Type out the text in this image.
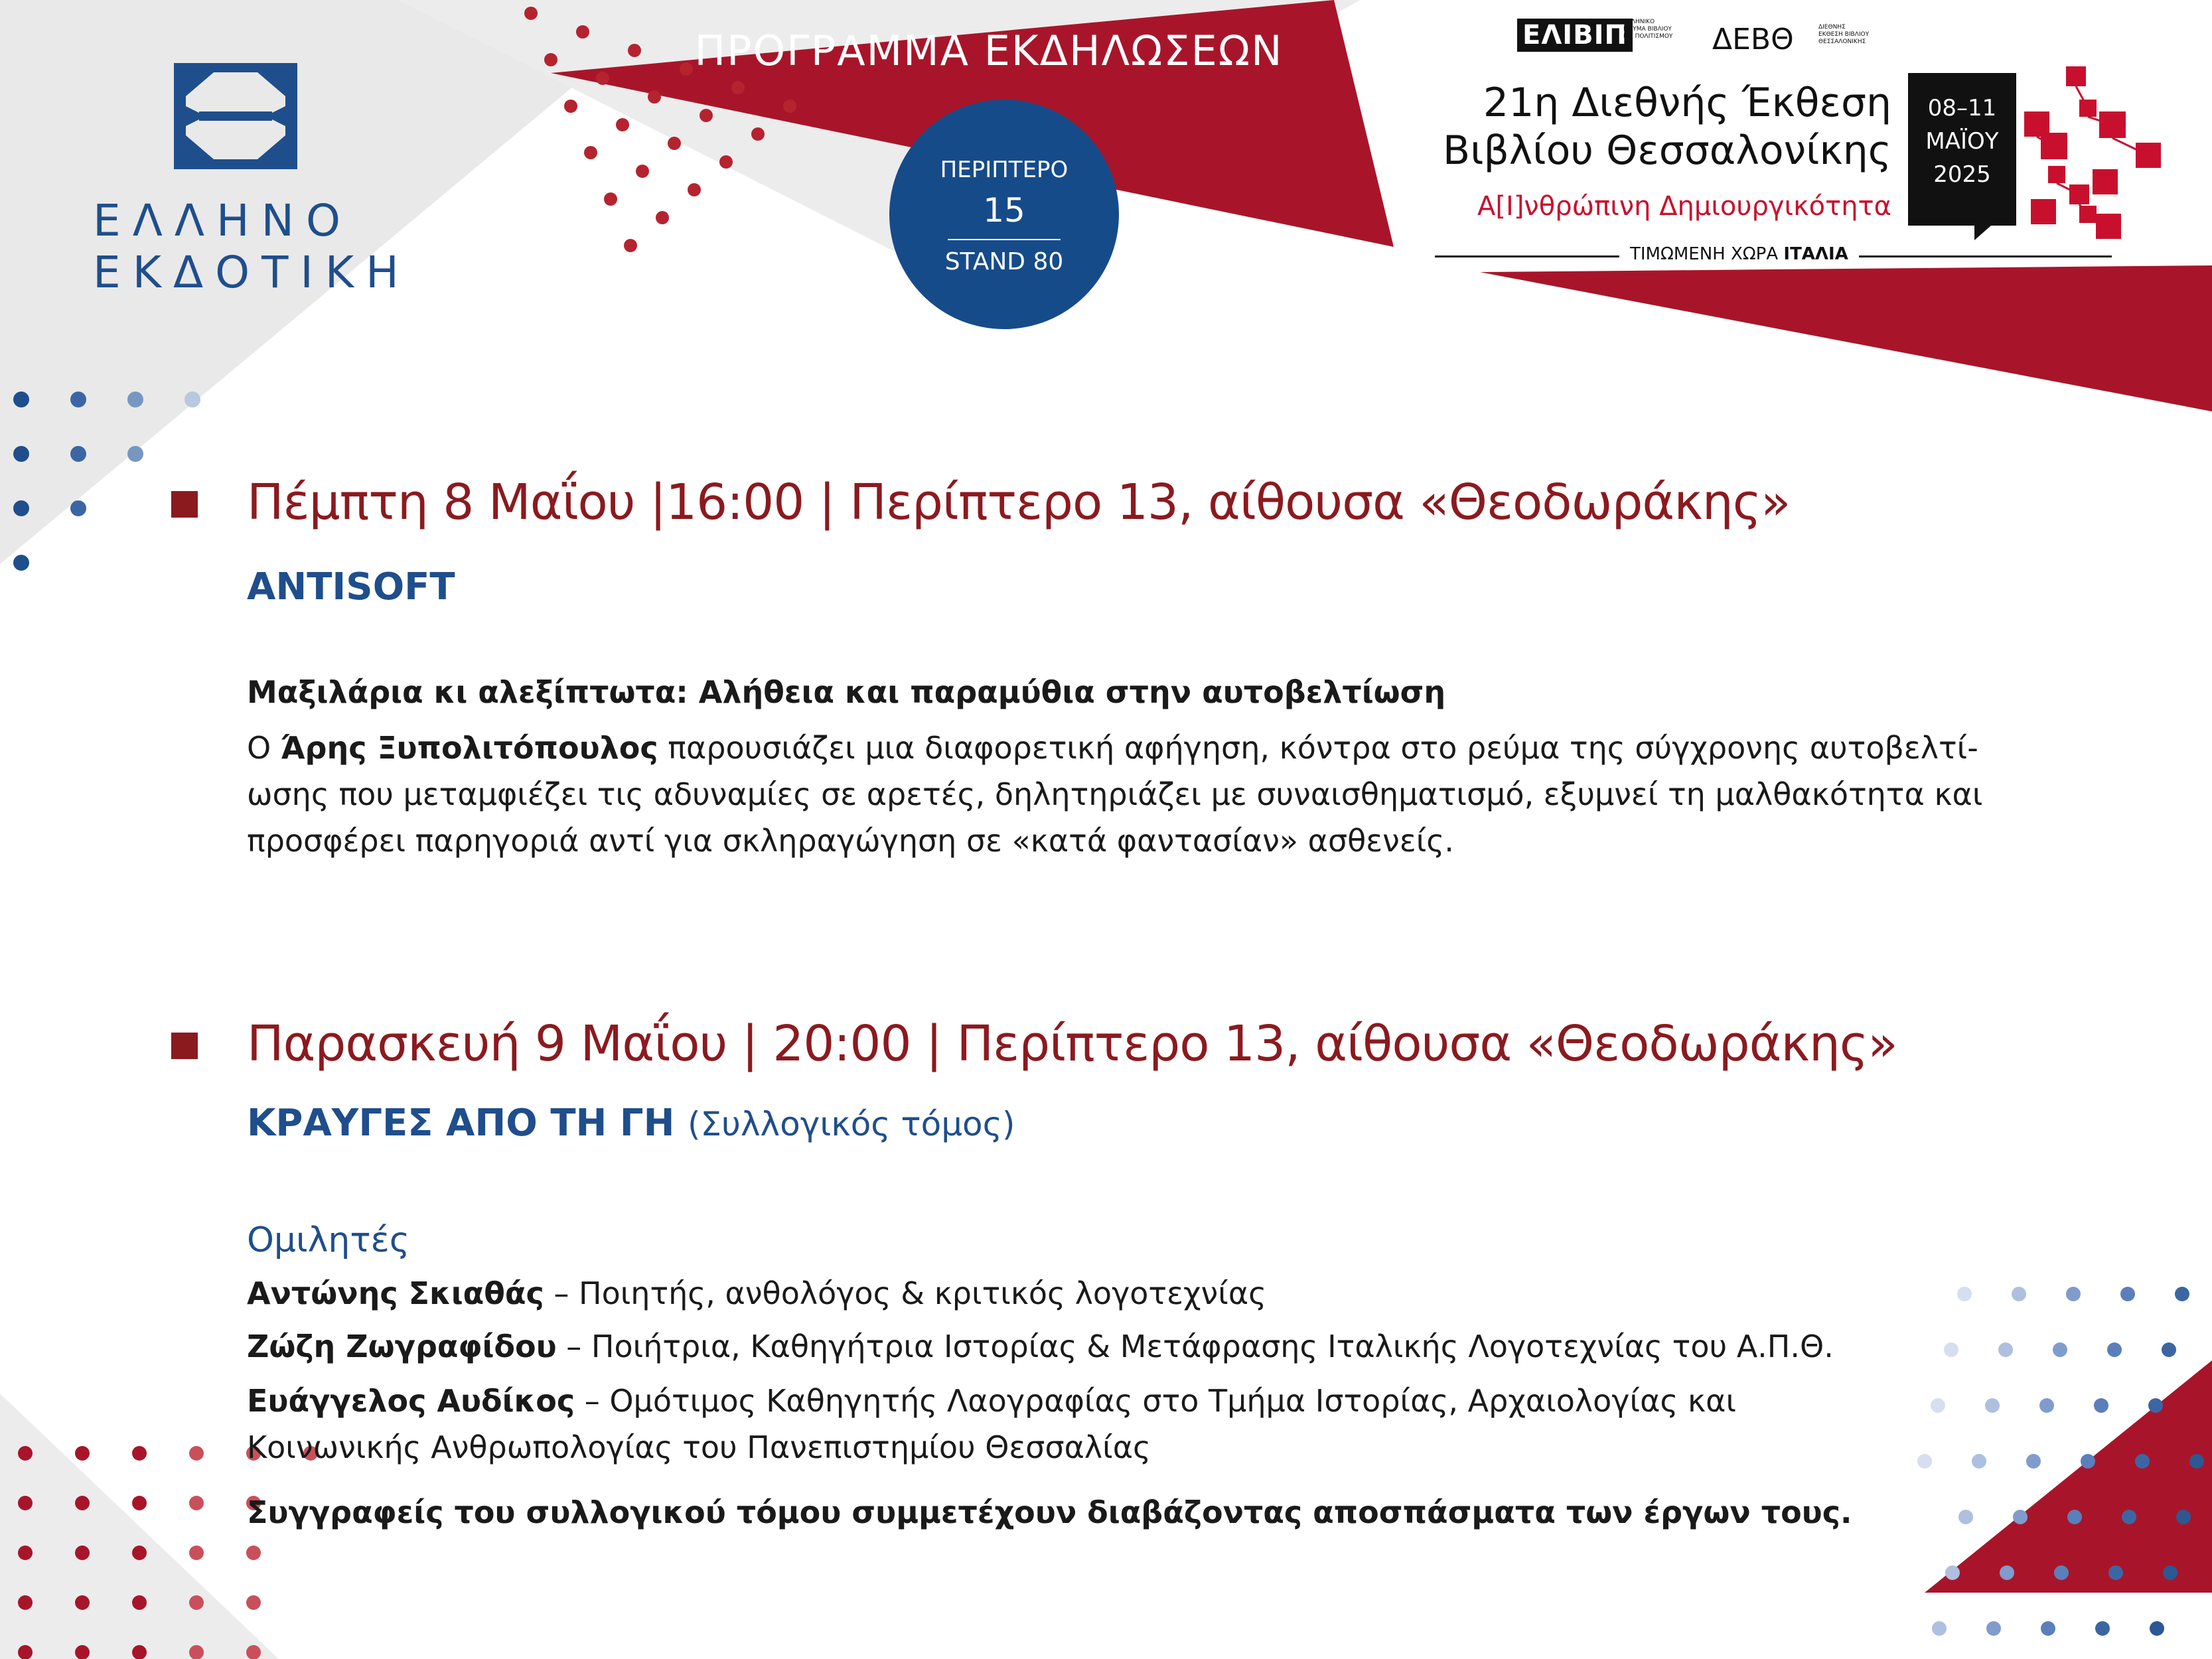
ΕΛΛΗΝΟ
ΕΚΔΟΤΙΚΗ
ΠΡΟΓΡΑΜΜΑ ΕΚΔΗΛΩΣΕΩΝ
ΠΕΡΙΠΤΕΡΟ
15
STAND 80
ΕΛΙΒΙΠ
ΕΛΛΗΝΙΚΟ ΙΔΡΥΜΑ ΒΙΒΛΙΟΥ ΚΑΙ ΠΟΛΙΤΙΣΜΟΥ ΔΕΒΘ	ΔΙΕΘΝΗΣ ΕΚΘΕΣΗ ΒΙΒΛΙΟΥ ΘΕΣΣΑΛΟΝΙΚΗΣ
21η Διεθνής Έκθεση
Βιβλίου Θεσσαλονίκης
Α[Ι]νθρώπινη Δημιουργικότητα
ΤΙΜΩΜΕΝΗ ΧΩΡΑ ΙΤΑΛΙΑ
08–11
ΜΑΪΟΥ
2025
Πέμπτη 8 Μαΐου |16:00 | Περίπτερο 13, αίθουσα «Θεοδωράκης»
ANTISOFT
Μαξιλάρια κι αλεξίπτωτα: Αλήθεια και παραμύθια στην αυτοβελτίωση
Ο Άρης Ξυπολιτόπουλος παρουσιάζει μια διαφορετική αφήγηση, κόντρα στο ρεύμα της σύγχρονης αυτοβελτί-
ωσης που μεταμφιέζει τις αδυναμίες σε αρετές, δηλητηριάζει με συναισθηματισμό, εξυμνεί τη μαλθακότητα και
προσφέρει παρηγοριά αντί για σκληραγώγηση σε «κατά φαντασίαν» ασθενείς.
Παρασκευή 9 Μαΐου | 20:00 | Περίπτερο 13, αίθουσα «Θεοδωράκης»
ΚΡΑΥΓΕΣ ΑΠΟ ΤΗ ΓΗ (Συλλογικός τόμος)
Ομιλητές
Αντώνης Σκιαθάς – Ποιητής, ανθολόγος & κριτικός λογοτεχνίας
Ζώζη Ζωγραφίδου – Ποιήτρια, Καθηγήτρια Ιστορίας & Μετάφρασης Ιταλικής Λογοτεχνίας του Α.Π.Θ.
Ευάγγελος Αυδίκος – Ομότιμος Καθηγητής Λαογραφίας στο Τμήμα Ιστορίας, Αρχαιολογίας και
Κοινωνικής Ανθρωπολογίας του Πανεπιστημίου Θεσσαλίας
Συγγραφείς του συλλογικού τόμου συμμετέχουν διαβάζοντας αποσπάσματα των έργων τους.
